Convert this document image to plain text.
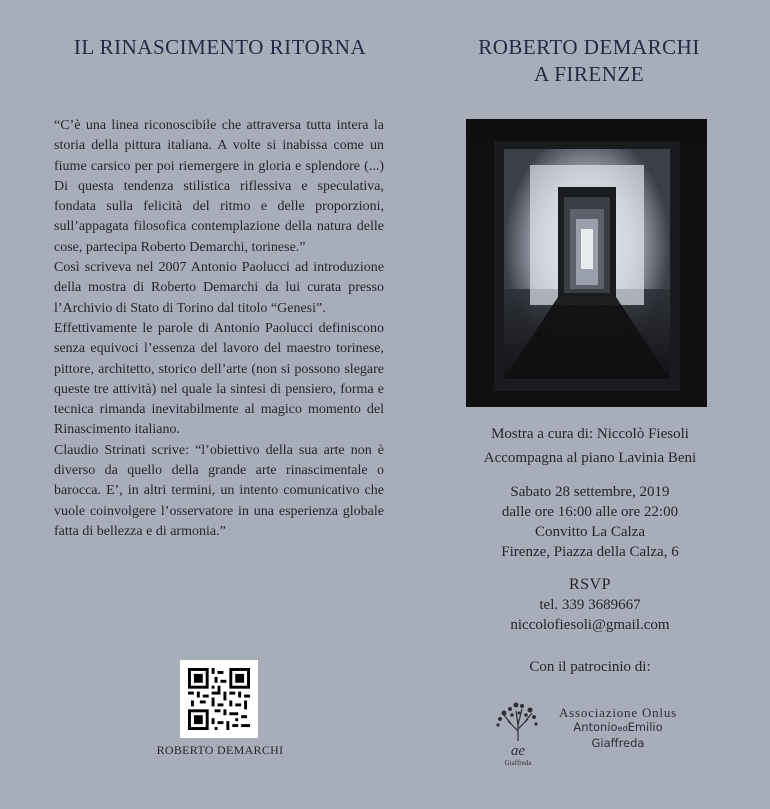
IL RINASCIMENTO RITORNA	ROBERTO DEMARCHI
A FIRENZE

“C’è una linea riconoscibile che attraversa tutta intera la storia della pittura italiana. A volte si inabissa come un fiume carsico per poi riemergere in gloria e splendore (...) Di questa tendenza stilistica riflessiva e speculativa, fondata sulla felicità del ritmo e delle proporzioni, sull’appagata filosofica contemplazione della natura delle cose, partecipa Roberto Demarchi, torinese.”

Così scriveva nel 2007 Antonio Paolucci ad introduzione della mostra di Roberto Demarchi da lui curata presso l’Archivio di Stato di Torino dal titolo “Genesi”.

Effettivamente le parole di Antonio Paolucci definiscono senza equivoci l’essenza del lavoro del maestro torinese, pittore, architetto, storico dell’arte (non si possono slegare queste tre attività) nel quale la sintesi di pensiero, forma e tecnica rimanda inevitabilmente al magico momento del Rinascimento italiano.

Claudio Strinati scrive: “l’obiettivo della sua arte non è diverso da quello della grande arte rinascimentale o barocca. E’, in altri termini, un intento comunicativo che vuole coinvolgere l’osservatore in una esperienza globale fatta di bellezza e di armonia.”

Mostra a cura di: Niccolò Fiesoli
Accompagna al piano Lavinia Beni
Sabato 28 settembre, 2019
dalle ore 16:00 alle ore 22:00
Convitto La Calza
Firenze, Piazza della Calza, 6
RSVP
tel. 339 3689667
niccolofiesoli@gmail.com
Con il patrocinio di:
ROBERTO DEMARCHI	ae
Giaffreda
Associazione Onlus
AntonioedEmilio
Giaffreda
